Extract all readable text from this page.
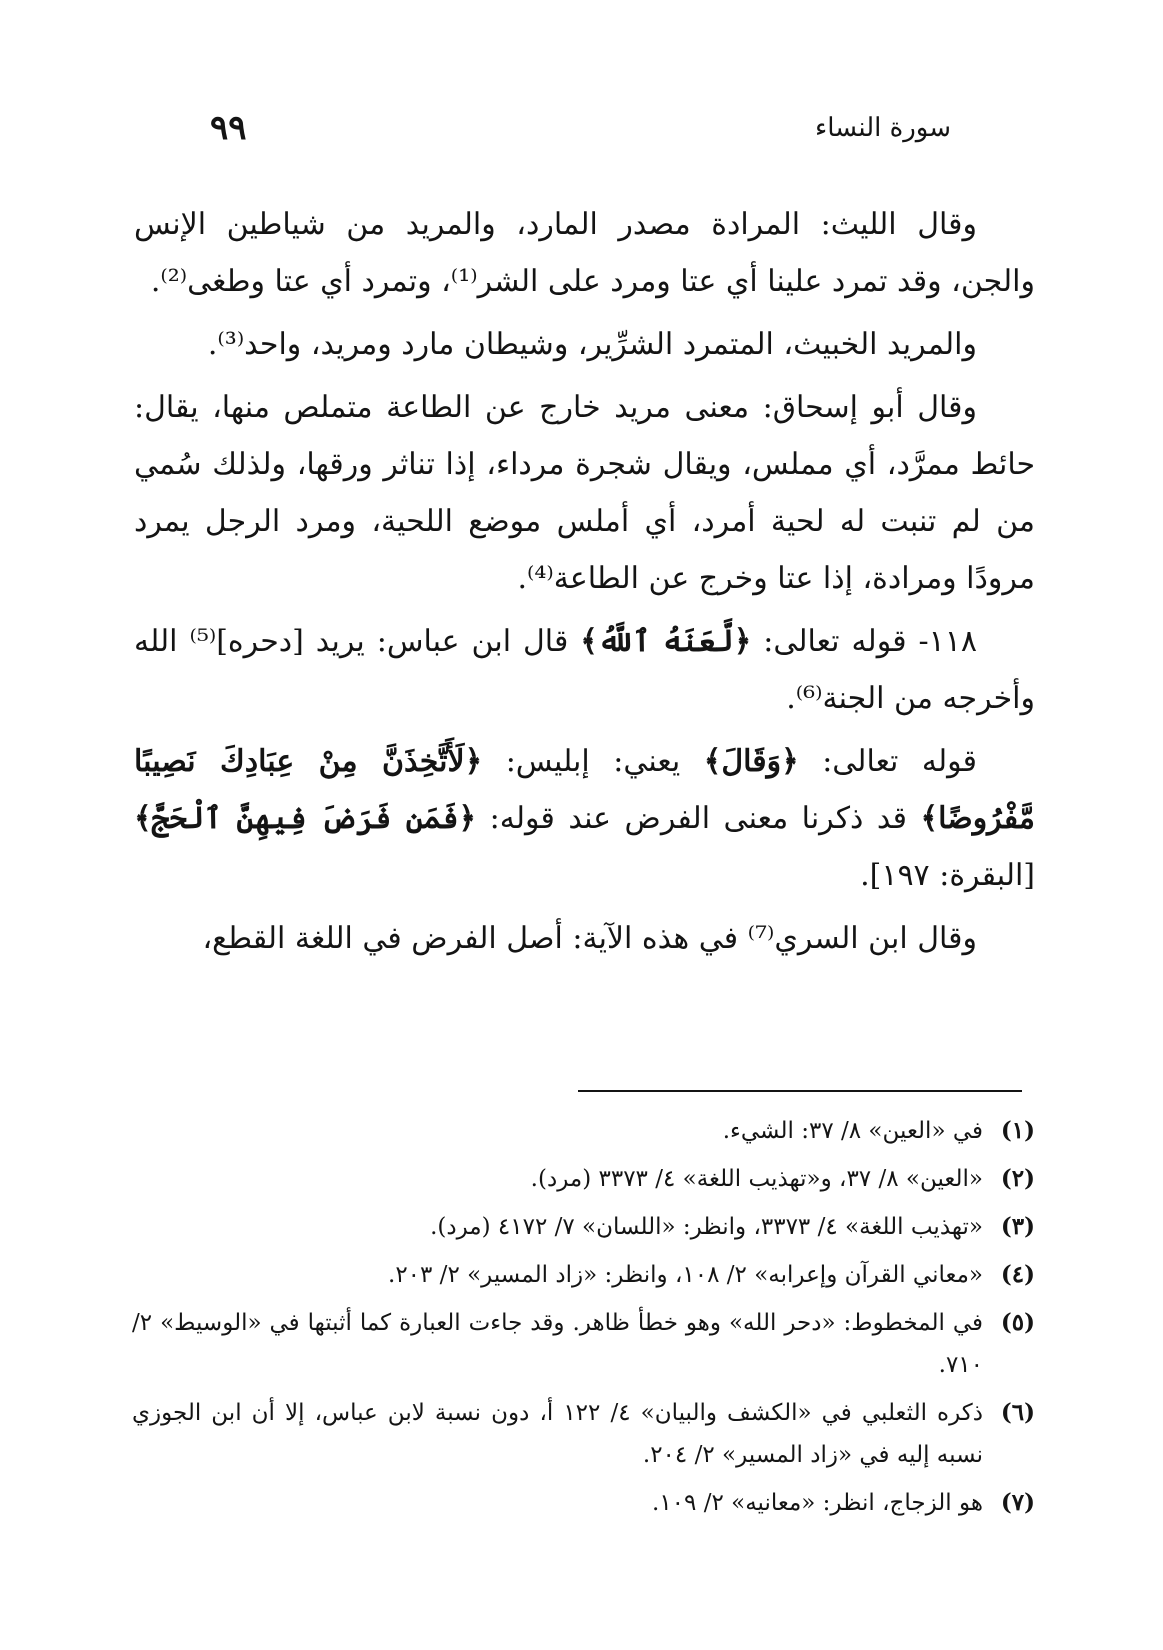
سورة النساء
٩٩

وقال الليث: المرادة مصدر المارد، والمريد من شياطين الإنس والجن، وقد تمرد علينا أي عتا ومرد على الشر⁽¹⁾، وتمرد أي عتا وطغى⁽²⁾.

والمريد الخبيث، المتمرد الشرِّير، وشيطان مارد ومريد، واحد⁽³⁾.

وقال أبو إسحاق: معنى مريد خارج عن الطاعة متملص منها، يقال: حائط ممرَّد، أي مملس، ويقال شجرة مرداء، إذا تناثر ورقها، ولذلك سُمي من لم تنبت له لحية أمرد، أي أملس موضع اللحية، ومرد الرجل يمرد مرودًا ومرادة، إذا عتا وخرج عن الطاعة⁽⁴⁾.

١١٨- قوله تعالى: ﴿لَّعَنَهُ ٱللَّهُ﴾ قال ابن عباس: يريد [دحره]⁽⁵⁾ الله وأخرجه من الجنة⁽⁶⁾.

قوله تعالى: ﴿وَقَالَ﴾ يعني: إبليس: ﴿لَأَتَّخِذَنَّ مِنْ عِبَادِكَ نَصِيبًا مَّفْرُوضًا﴾ قد ذكرنا معنى الفرض عند قوله: ﴿فَمَن فَرَضَ فِيهِنَّ ٱلْحَجَّ﴾ [البقرة: ١٩٧].

وقال ابن السري⁽⁷⁾ في هذه الآية: أصل الفرض في اللغة القطع،

(١)
في «العين» ٨/ ٣٧: الشيء.
(٢)
«العين» ٨/ ٣٧، و«تهذيب اللغة» ٤/ ٣٣٧٣ (مرد).
(٣)
«تهذيب اللغة» ٤/ ٣٣٧٣، وانظر: «اللسان» ٧/ ٤١٧٢ (مرد).
(٤)
«معاني القرآن وإعرابه» ٢/ ١٠٨، وانظر: «زاد المسير» ٢/ ٢٠٣.
(٥)
في المخطوط: «دحر الله» وهو خطأ ظاهر. وقد جاءت العبارة كما أثبتها في «الوسيط» ٢/ ٧١٠.
(٦)
ذكره الثعلبي في «الكشف والبيان» ٤/ ١٢٢ أ، دون نسبة لابن عباس، إلا أن ابن الجوزي نسبه إليه في «زاد المسير» ٢/ ٢٠٤.
(٧)
هو الزجاج، انظر: «معانيه» ٢/ ١٠٩.
